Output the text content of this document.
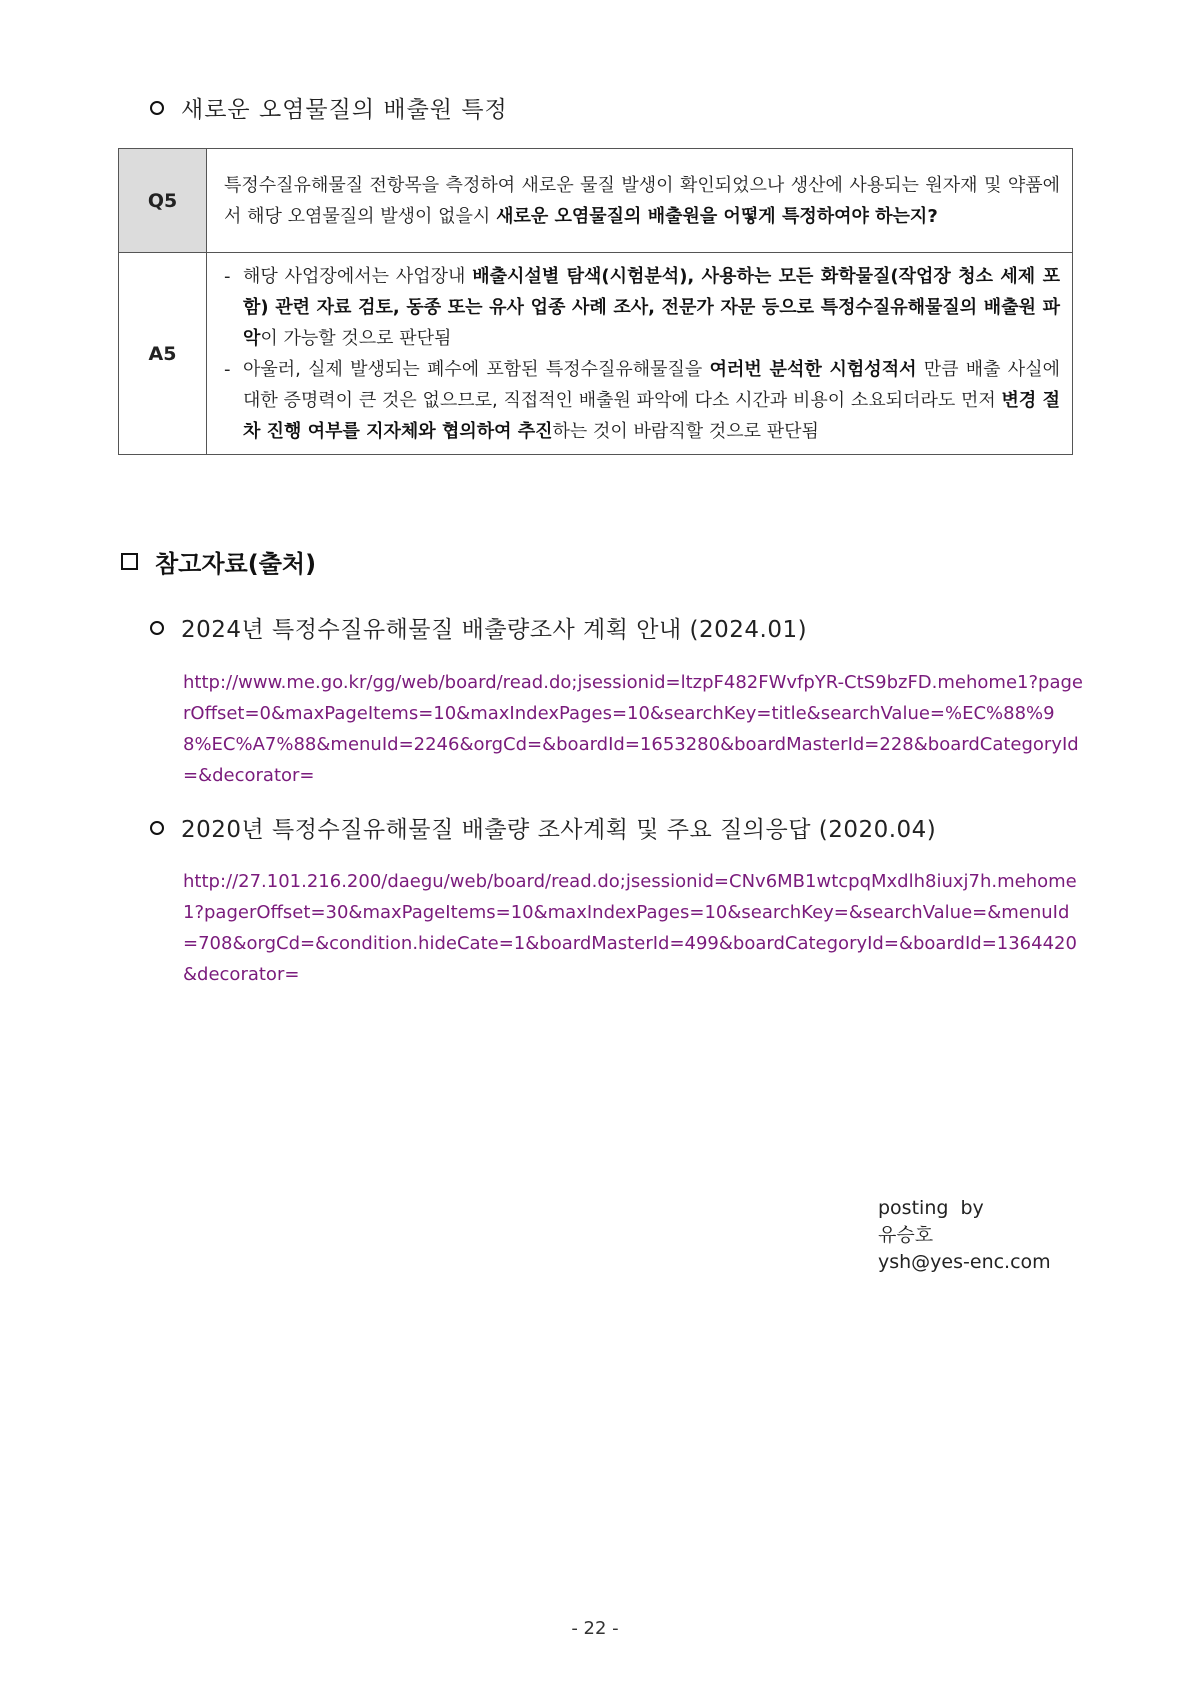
새로운 오염물질의 배출원 특정
Q5	특정수질유해물질 전항목을 측정하여 새로운 물질 발생이 확인되었으나 생산에 사용되는 원자재 및 약품에서 해당 오염물질의 발생이 없을시 새로운 오염물질의 배출원을 어떻게 특정하여야 하는지?

A5	- 해당 사업장에서는 사업장내 배출시설별 탐색(시험분석), 사용하는 모든 화학물질(작업장 청소 세제 포함) 관련 자료 검토, 동종 또는 유사 업종 사례 조사, 전문가 자문 등으로 특정수질유해물질의 배출원 파악이 가능할 것으로 판단됨
- 아울러, 실제 발생되는 폐수에 포함된 특정수질유해물질을 여러번 분석한 시험성적서 만큼 배출 사실에 대한 증명력이 큰 것은 없으므로, 직접적인 배출원 파악에 다소 시간과 비용이 소요되더라도 먼저 변경 절차 진행 여부를 지자체와 협의하여 추진하는 것이 바람직할 것으로 판단됨
참고자료(출처)
2024년 특정수질유해물질 배출량조사 계획 안내 (2024.01)
http://www.me.go.kr/gg/web/board/read.do;jsessionid=ltzpF482FWvfpYR-CtS9bzFD.mehome1?pagerOffset=0&maxPageItems=10&maxIndexPages=10&searchKey=title&searchValue=%EC%88%98%EC%A7%88&menuId=2246&orgCd=&boardId=1653280&boardMasterId=228&boardCategoryId=&decorator=
2020년 특정수질유해물질 배출량 조사계획 및 주요 질의응답 (2020.04)
http://27.101.216.200/daegu/web/board/read.do;jsessionid=CNv6MB1wtcpqMxdlh8iuxj7h.mehome1?pagerOffset=30&maxPageItems=10&maxIndexPages=10&searchKey=&searchValue=&menuId=708&orgCd=&condition.hideCate=1&boardMasterId=499&boardCategoryId=&boardId=1364420&decorator=
posting  by
유승호
ysh@yes-enc.com
- 22 -
